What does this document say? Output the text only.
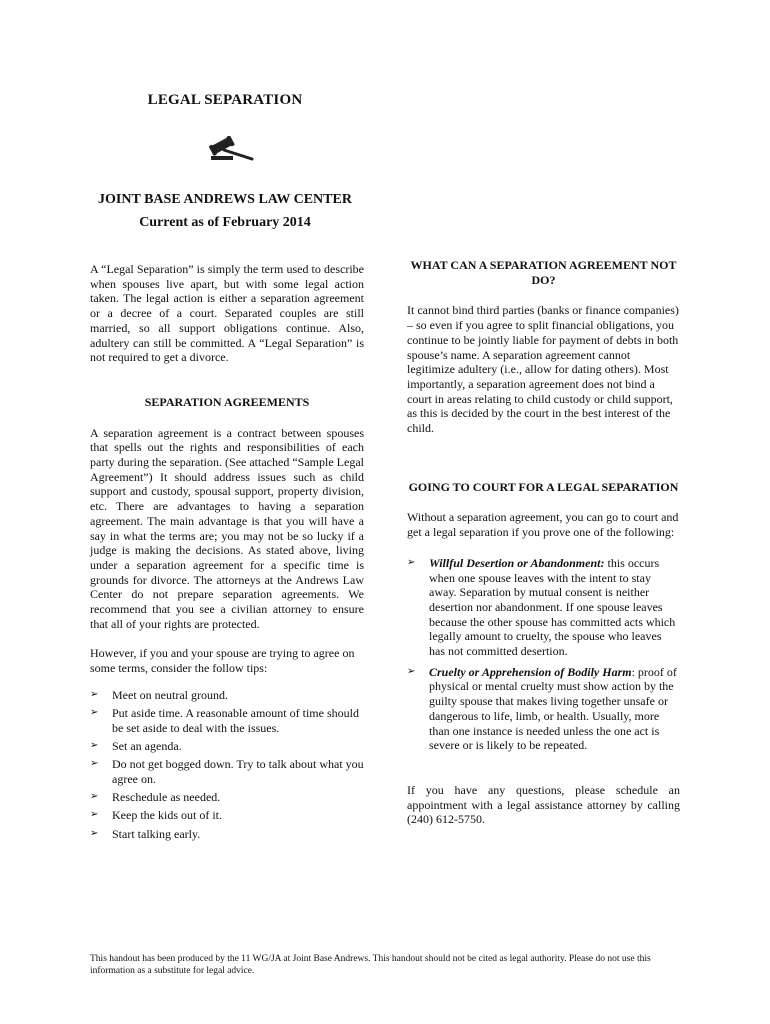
LEGAL SEPARATION
JOINT BASE ANDREWS LAW CENTER
Current as of February 2014

A “Legal Separation” is simply the term used to describe when spouses live apart, but with some legal action taken. The legal action is either a separation agreement or a decree of a court. Separated couples are still married, so all support obligations continue. Also, adultery can still be committed. A “Legal Separation” is not required to get a divorce.

SEPARATION AGREEMENTS

A separation agreement is a contract between spouses that spells out the rights and responsibilities of each party during the separation. (See attached “Sample Legal Agreement”) It should address issues such as child support and custody, spousal support, property division, etc. There are advantages to having a separation agreement. The main advantage is that you will have a say in what the terms are; you may not be so lucky if a judge is making the decisions. As stated above, living under a separation agreement for a specific time is grounds for divorce. The attorneys at the Andrews Law Center do not prepare separation agreements. We recommend that you see a civilian attorney to ensure that all of your rights are protected.

However, if you and your spouse are trying to agree on some terms, consider the follow tips:

➢ Meet on neutral ground.
➢ Put aside time. A reasonable amount of time should be set aside to deal with the issues.
➢ Set an agenda.
➢ Do not get bogged down. Try to talk about what you agree on.
➢ Reschedule as needed.
➢ Keep the kids out of it.
➢ Start talking early.
WHAT CAN A SEPARATION AGREEMENT NOT DO?

It cannot bind third parties (banks or finance companies) – so even if you agree to split financial obligations, you continue to be jointly liable for payment of debts in both spouse’s name. A separation agreement cannot legitimize adultery (i.e., allow for dating others). Most importantly, a separation agreement does not bind a court in areas relating to child custody or child support, as this is decided by the court in the best interest of the child.

GOING TO COURT FOR A LEGAL SEPARATION

Without a separation agreement, you can go to court and get a legal separation if you prove one of the following:

➢ Willful Desertion or Abandonment: this occurs when one spouse leaves with the intent to stay away. Separation by mutual consent is neither desertion nor abandonment. If one spouse leaves because the other spouse has committed acts which legally amount to cruelty, the spouse who leaves has not committed desertion.
➢ Cruelty or Apprehension of Bodily Harm: proof of physical or mental cruelty must show action by the guilty spouse that makes living together unsafe or dangerous to life, limb, or health. Usually, more than one instance is needed unless the one act is severe or is likely to be repeated.

If you have any questions, please schedule an appointment with a legal assistance attorney by calling (240) 612-5750.

This handout has been produced by the 11 WG/JA at Joint Base Andrews. This handout should not be cited as legal authority. Please do not use this information as a substitute for legal advice.
